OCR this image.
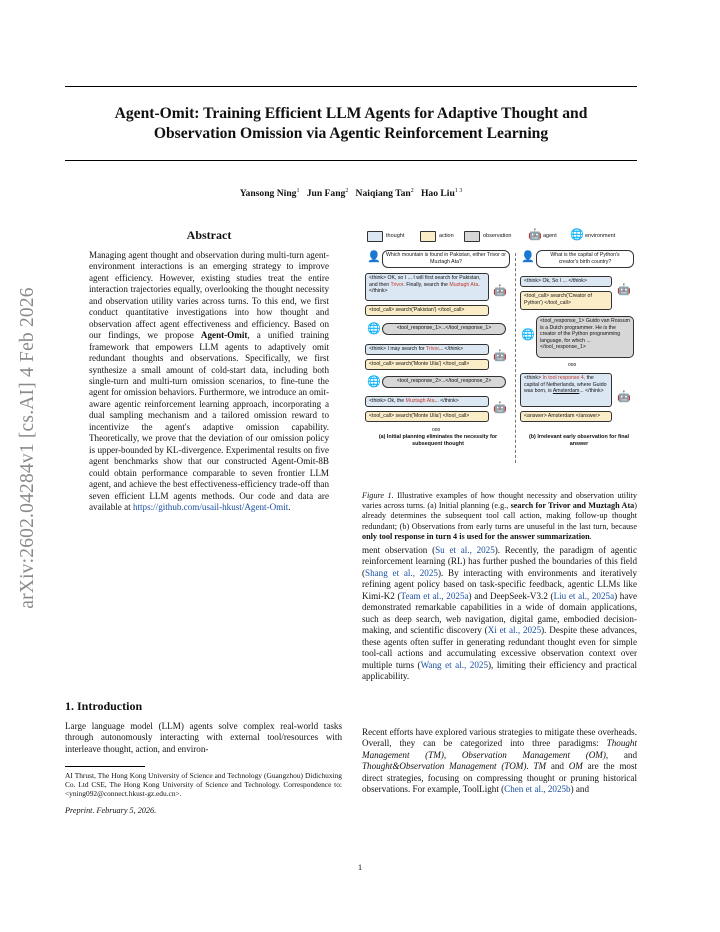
arXiv:2602.04284v1 [cs.AI] 4 Feb 2026
Agent-Omit: Training Efficient LLM Agents for Adaptive Thought and
Observation Omission via Agentic Reinforcement Learning
Yansong Ning$^1$ Jun Fang$^2$ Naiqiang Tan$^2$ Hao Liu$^{1 3}$
Abstract
Managing agent thought and observation during multi-turn agent-environment interactions is an emerging strategy to improve agent efficiency. However, existing studies treat the entire interaction trajectories equally, overlooking the thought necessity and observation utility varies across turns. To this end, we first conduct quantitative investigations into how thought and observation affect agent effectiveness and efficiency. Based on our findings, we propose Agent-Omit, a unified training framework that empowers LLM agents to adaptively omit redundant thoughts and observations. Specifically, we first synthesize a small amount of cold-start data, including both single-turn and multi-turn omission scenarios, to fine-tune the agent for omission behaviors. Furthermore, we introduce an omit-aware agentic reinforcement learning approach, incorporating a dual sampling mechanism and a tailored omission reward to incentivize the agent's adaptive omission capability. Theoretically, we prove that the deviation of our omission policy is upper-bounded by KL-divergence. Experimental results on five agent benchmarks show that our constructed Agent-Omit-8B could obtain performance comparable to seven frontier LLM agent, and achieve the best effectiveness-efficiency trade-off than seven efficient LLM agents methods. Our code and data are available at https://github.com/usail-hkust/Agent-Omit.
1. Introduction
Large language model (LLM) agents solve complex real-world tasks through autonomously interacting with external tool/resources with interleave thought, action, and environ-
AI Thrust, The Hong Kong University of Science and Technology (Guangzhou) Didichuxing Co. Ltd CSE, The Hong Kong University of Science and Technology. Correspondence to: <yning092@connect.hkust-gz.edu.cn>.
Preprint. February 5, 2026.
Figure 1. Illustrative examples of how thought necessity and observation utility varies across turns. (a) Initial planning (e.g., search for Trivor and Muztagh Ata) already determines the subsequent tool call action, making follow-up thought redundant; (b) Observations from early turns are unuseful in the last turn, because only tool response in turn 4 is used for the answer summarization.
ment observation (Su et al., 2025). Recently, the paradigm of agentic reinforcement learning (RL) has further pushed the boundaries of this field (Shang et al., 2025). By interacting with environments and iteratively refining agent policy based on task-specific feedback, agentic LLMs like Kimi-K2 (Team et al., 2025a) and DeepSeek-V3.2 (Liu et al., 2025a) have demonstrated remarkable capabilities in a wide of domain applications, such as deep search, web navigation, digital game, embodied decision-making, and scientific discovery (Xi et al., 2025). Despite these advances, these agents often suffer in generating redundant thought even for simple tool-call actions and accumulating excessive observation context over multiple turns (Wang et al., 2025), limiting their efficiency and practical applicability.
Recent efforts have explored various strategies to mitigate these overheads. Overall, they can be categorized into three paradigms: Thought Management (TM), Observation Management (OM), and Thought&Observation Management (TOM). TM and OM are the most direct strategies, focusing on compressing thought or pruning historical observations. For example, ToolLight (Chen et al., 2025b) and
1
thought	action	observation 🤖 agent 🌐 environment
👤	Which mountain is found in Pakistan, either Trivor or Muztagh Ata?
<think> OK, so I ... I will first search for Pakistan, and then Trivor. Finally, search the Muztagh Ata. </think>	🤖
<tool_call> search('Pakistan') </tool_call>
🌐	<tool_response_1>...</tool_response_1>
<think> I may search for Trivor... </think>
🤖
<tool_call> search('Monte Ulia') </tool_call>
🌐	<tool_response_2>...</tool_response_2>
<think> Ok, the Muztagh Ata... </think>
🤖
<tool_call> search('Monte Ulia') </tool_call>
ooo
(a) Initial planning eliminates the necessity for subsequent thought
👤	What is the capital of Python's creator's birth country?
<think> Ok, So I ... </think>
🤖
<tool_call> search('Creator of Python') </tool_call>
🌐
<tool_response_1> Guido van Rossum is a Dutch programmer. He is the creator of the Python programming language, for which ...</tool_response_1>
ooo
<think> In tool response 4, the capital of Netherlands, where Guido was born, is Amsterdam... </think>	🤖
<answer> Amsterdam </answer>
(b) Irrelevant early observation for final answer
